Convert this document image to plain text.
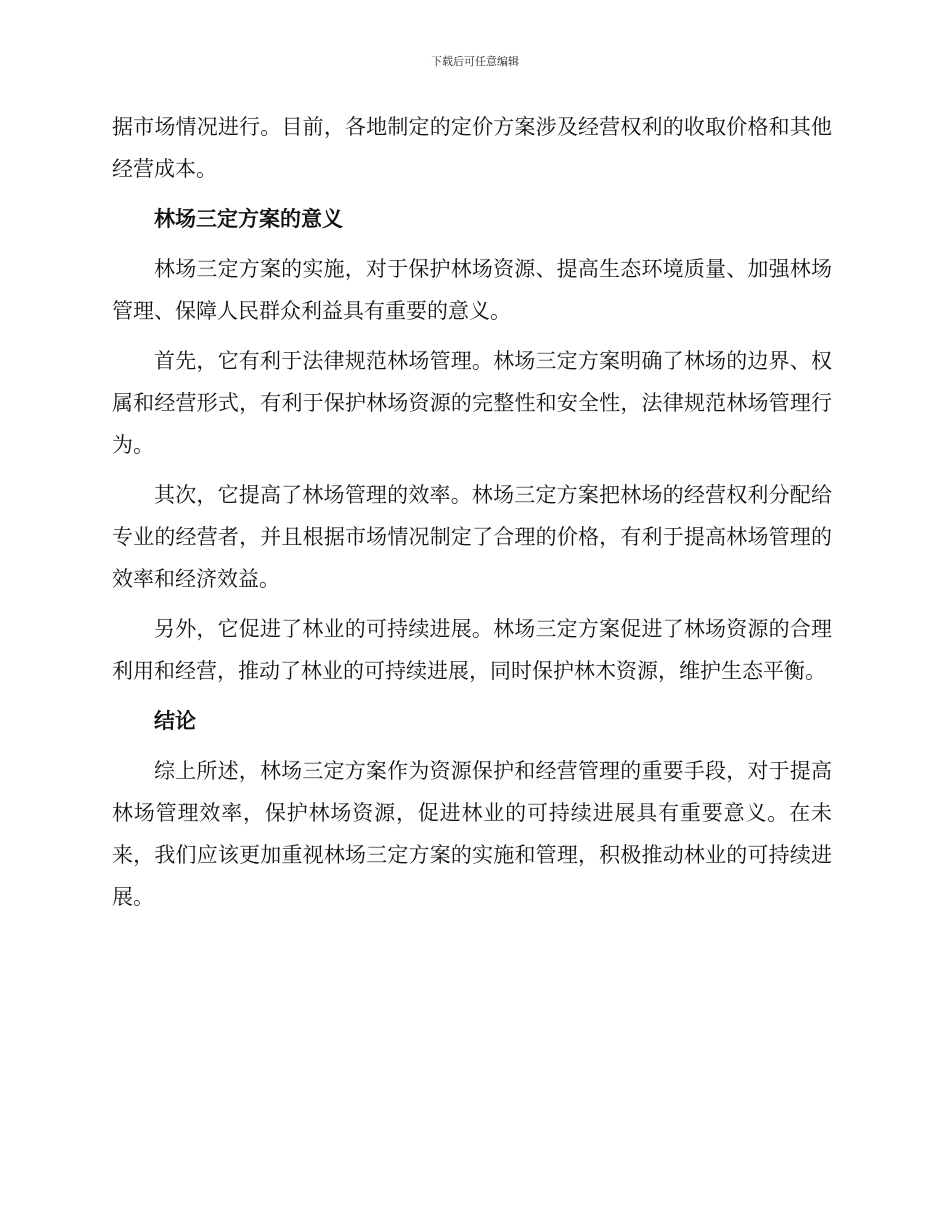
下载后可任意编辑

据市场情况进行。目前，各地制定的定价方案涉及经营权利的收取价格和其他经营成本。

林场三定方案的意义

林场三定方案的实施，对于保护林场资源、提高生态环境质量、加强林场管理、保障人民群众利益具有重要的意义。

首先，它有利于法律规范林场管理。林场三定方案明确了林场的边界、权属和经营形式，有利于保护林场资源的完整性和安全性，法律规范林场管理行为。

其次，它提高了林场管理的效率。林场三定方案把林场的经营权利分配给专业的经营者，并且根据市场情况制定了合理的价格，有利于提高林场管理的效率和经济效益。

另外，它促进了林业的可持续进展。林场三定方案促进了林场资源的合理利用和经营，推动了林业的可持续进展，同时保护林木资源，维护生态平衡。

结论

综上所述，林场三定方案作为资源保护和经营管理的重要手段，对于提高林场管理效率，保护林场资源，促进林业的可持续进展具有重要意义。在未来，我们应该更加重视林场三定方案的实施和管理，积极推动林业的可持续进展。
